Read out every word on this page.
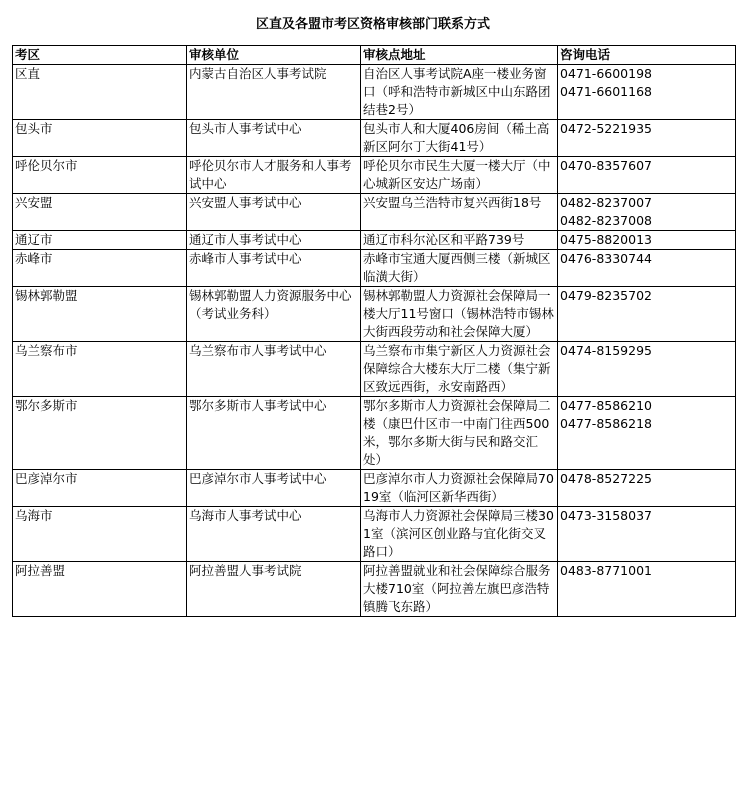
区直及各盟市考区资格审核部门联系方式
考区	审核单位	审核点地址	咨询电话
区直	内蒙古自治区人事考试院	自治区人事考试院A座一楼业务窗口（呼和浩特市新城区中山东路团结巷2号）	0471-6600198
0471-6601168

包头市	包头市人事考试中心	包头市人和大厦406房间（稀土高新区阿尔丁大街41号）	0472-5221935

呼伦贝尔市	呼伦贝尔市人才服务和人事考试中心	呼伦贝尔市民生大厦一楼大厅（中心城新区安达广场南）	0470-8357607

兴安盟	兴安盟人事考试中心	兴安盟乌兰浩特市复兴西街18号	0482-8237007
0482-8237008

通辽市	通辽市人事考试中心	通辽市科尔沁区和平路739号	0475-8820013

赤峰市	赤峰市人事考试中心	赤峰市宝通大厦西侧三楼（新城区临潢大街）	0476-8330744

锡林郭勒盟	锡林郭勒盟人力资源服务中心（考试业务科）	锡林郭勒盟人力资源社会保障局一楼大厅11号窗口（锡林浩特市锡林大街西段劳动和社会保障大厦）	0479-8235702

乌兰察布市	乌兰察布市人事考试中心	乌兰察布市集宁新区人力资源社会保障综合大楼东大厅二楼（集宁新区致远西街，永安南路西）	0474-8159295

鄂尔多斯市	鄂尔多斯市人事考试中心	鄂尔多斯市人力资源社会保障局二楼（康巴什区市一中南门往西500米，鄂尔多斯大街与民和路交汇处）	0477-8586210
0477-8586218

巴彦淖尔市	巴彦淖尔市人事考试中心	巴彦淖尔市人力资源社会保障局7019室（临河区新华西街）	0478-8527225

乌海市	乌海市人事考试中心	乌海市人力资源社会保障局三楼301室（滨河区创业路与宜化街交叉路口）	0473-3158037

阿拉善盟	阿拉善盟人事考试院	阿拉善盟就业和社会保障综合服务大楼710室（阿拉善左旗巴彦浩特镇腾飞东路）	0483-8771001
